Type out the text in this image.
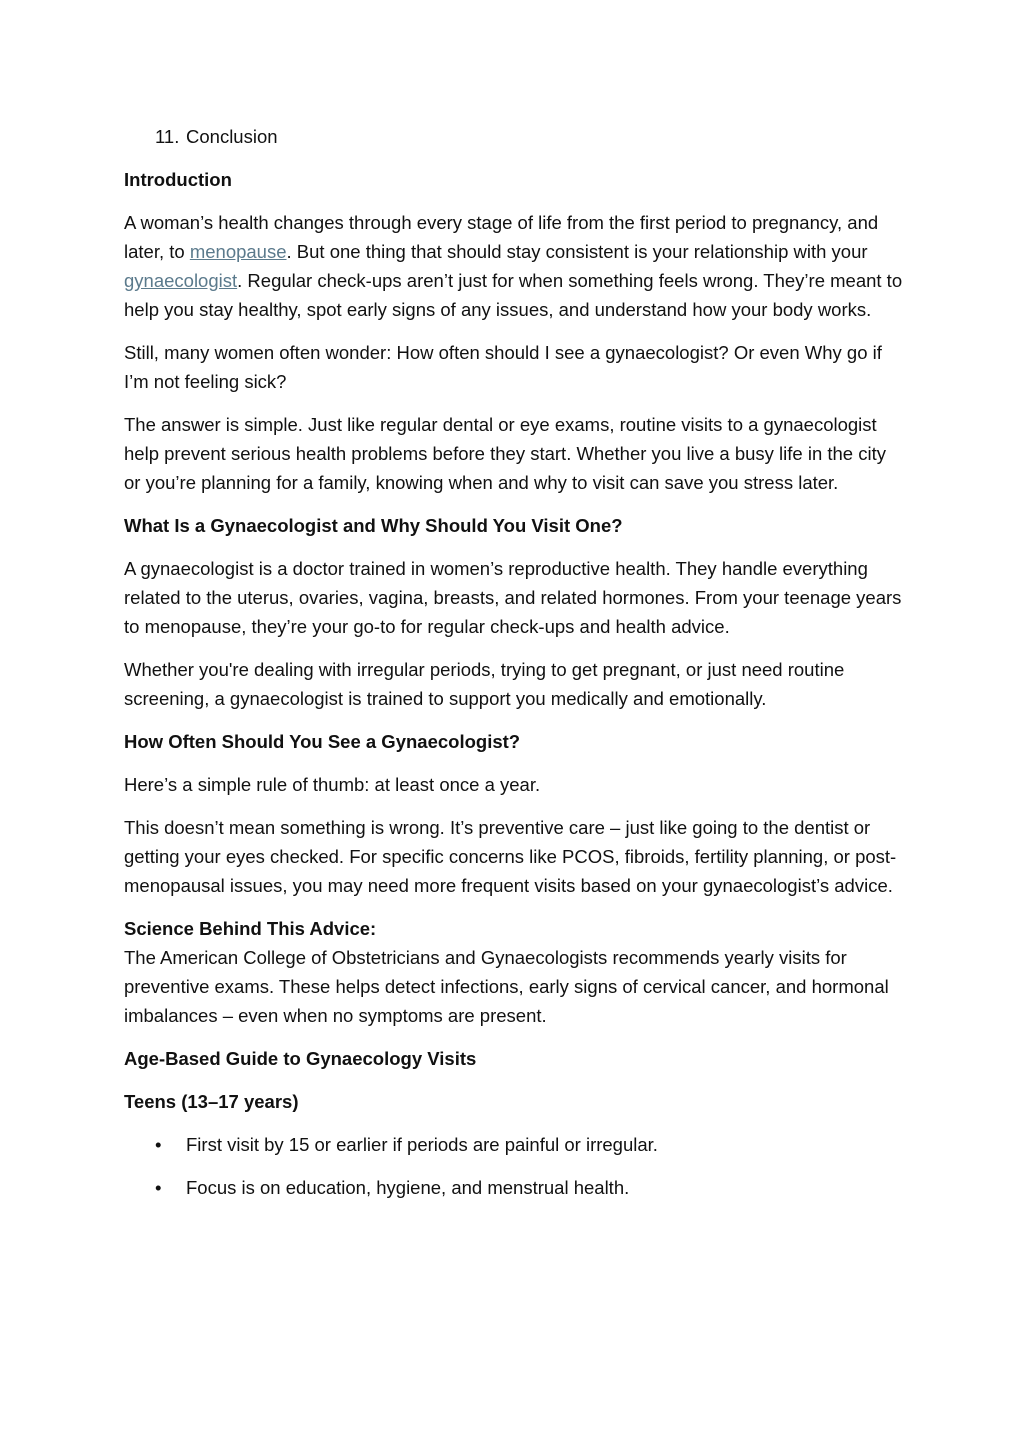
11. Conclusion
Introduction

A woman’s health changes through every stage of life from the first period to pregnancy, and later, to menopause. But one thing that should stay consistent is your relationship with your gynaecologist. Regular check-ups aren’t just for when something feels wrong. They’re meant to help you stay healthy, spot early signs of any issues, and understand how your body works.

Still, many women often wonder: How often should I see a gynaecologist? Or even Why go if I’m not feeling sick?

The answer is simple. Just like regular dental or eye exams, routine visits to a gynaecologist help prevent serious health problems before they start. Whether you live a busy life in the city or you’re planning for a family, knowing when and why to visit can save you stress later.

What Is a Gynaecologist and Why Should You Visit One?

A gynaecologist is a doctor trained in women’s reproductive health. They handle everything related to the uterus, ovaries, vagina, breasts, and related hormones. From your teenage years to menopause, they’re your go-to for regular check-ups and health advice.

Whether you're dealing with irregular periods, trying to get pregnant, or just need routine screening, a gynaecologist is trained to support you medically and emotionally.

How Often Should You See a Gynaecologist?

Here’s a simple rule of thumb: at least once a year.

This doesn’t mean something is wrong. It’s preventive care – just like going to the dentist or getting your eyes checked. For specific concerns like PCOS, fibroids, fertility planning, or post-menopausal issues, you may need more frequent visits based on your gynaecologist’s advice.

Science Behind This Advice:
The American College of Obstetricians and Gynaecologists recommends yearly visits for preventive exams. These helps detect infections, early signs of cervical cancer, and hormonal imbalances – even when no symptoms are present.

Age-Based Guide to Gynaecology Visits
Teens (13–17 years)
• First visit by 15 or earlier if periods are painful or irregular.
• Focus is on education, hygiene, and menstrual health.
